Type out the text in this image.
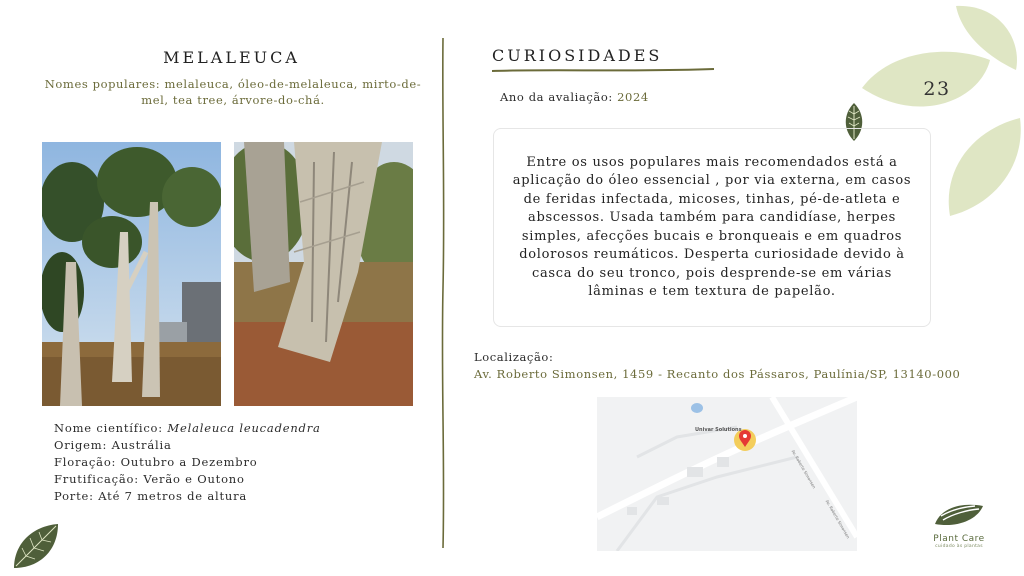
MELALEUCA
Nomes populares: melaleuca, óleo-de-melaleuca, mirto-de-mel, tea tree, árvore-do-chá.
Nome científico: Melaleuca leucadendra
Origem: Austrália
Floração: Outubro a Dezembro
Frutificação: Verão e Outono
Porte: Até 7 metros de altura
CURIOSIDADES
Ano da avaliação: 2024
Entre os usos populares mais recomendados está a aplicação do óleo essencial , por via externa, em casos de feridas infectada, micoses, tinhas, pé-de-atleta e abscessos. Usada também para candidíase, herpes simples, afecções bucais e bronqueais e em quadros dolorosos reumáticos. Desperta curiosidade devido à casca do seu tronco, pois desprende-se em várias lâminas e tem textura de papelão.
Localização:
Av. Roberto Simonsen, 1459 - Recanto dos Pássaros, Paulínia/SP, 13140-000
Univar Solutions
Av. Roberto Simonsen
Av. Roberto Simonsen
23
Plant Care
cuidado às plantas
